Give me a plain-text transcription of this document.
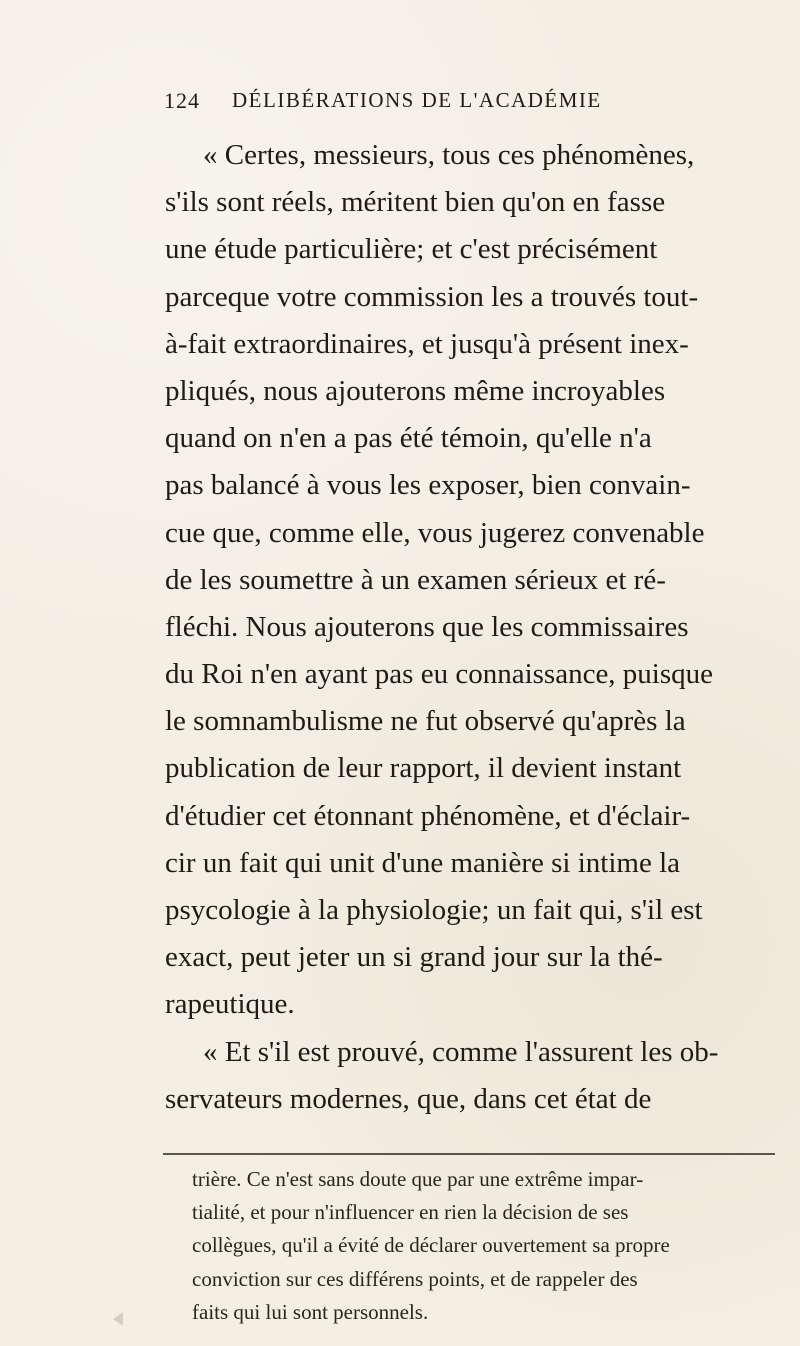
124 DÉLIBÉRATIONS DE L'ACADÉMIE
« Certes, messieurs, tous ces phénomènes,
s'ils sont réels, méritent bien qu'on en fasse
une étude particulière; et c'est précisément
parceque votre commission les a trouvés tout-
à-fait extraordinaires, et jusqu'à présent inex-
pliqués, nous ajouterons même incroyables
quand on n'en a pas été témoin, qu'elle n'a
pas balancé à vous les exposer, bien convain-
cue que, comme elle, vous jugerez convenable
de les soumettre à un examen sérieux et ré-
fléchi. Nous ajouterons que les commissaires
du Roi n'en ayant pas eu connaissance, puisque
le somnambulisme ne fut observé qu'après la
publication de leur rapport, il devient instant
d'étudier cet étonnant phénomène, et d'éclair-
cir un fait qui unit d'une manière si intime la
psycologie à la physiologie; un fait qui, s'il est
exact, peut jeter un si grand jour sur la thé-
rapeutique.
« Et s'il est prouvé, comme l'assurent les ob-
servateurs modernes, que, dans cet état de
trière. Ce n'est sans doute que par une extrême impar-
tialité, et pour n'influencer en rien la décision de ses
collègues, qu'il a évité de déclarer ouvertement sa propre
conviction sur ces différens points, et de rappeler des
faits qui lui sont personnels.
